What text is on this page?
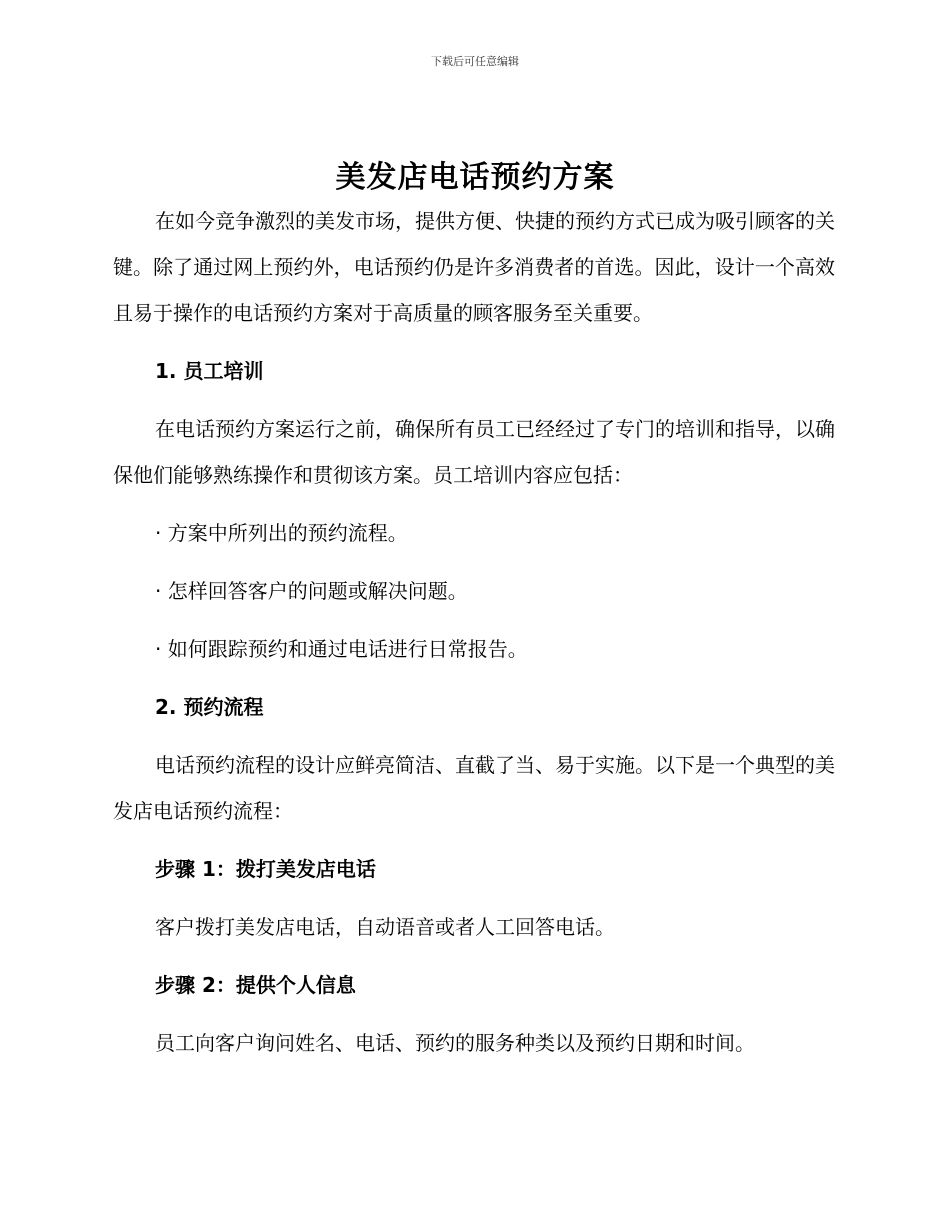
下载后可任意编辑
美发店电话预约方案

在如今竞争激烈的美发市场，提供方便、快捷的预约方式已成为吸引顾客的关键。除了通过网上预约外，电话预约仍是许多消费者的首选。因此，设计一个高效且易于操作的电话预约方案对于高质量的顾客服务至关重要。

1. 员工培训

在电话预约方案运行之前，确保所有员工已经经过了专门的培训和指导，以确保他们能够熟练操作和贯彻该方案。员工培训内容应包括：

· 方案中所列出的预约流程。

· 怎样回答客户的问题或解决问题。

· 如何跟踪预约和通过电话进行日常报告。

2. 预约流程

电话预约流程的设计应鲜亮简洁、直截了当、易于实施。以下是一个典型的美发店电话预约流程：

步骤 1：拨打美发店电话

客户拨打美发店电话，自动语音或者人工回答电话。

步骤 2：提供个人信息

员工向客户询问姓名、电话、预约的服务种类以及预约日期和时间。
